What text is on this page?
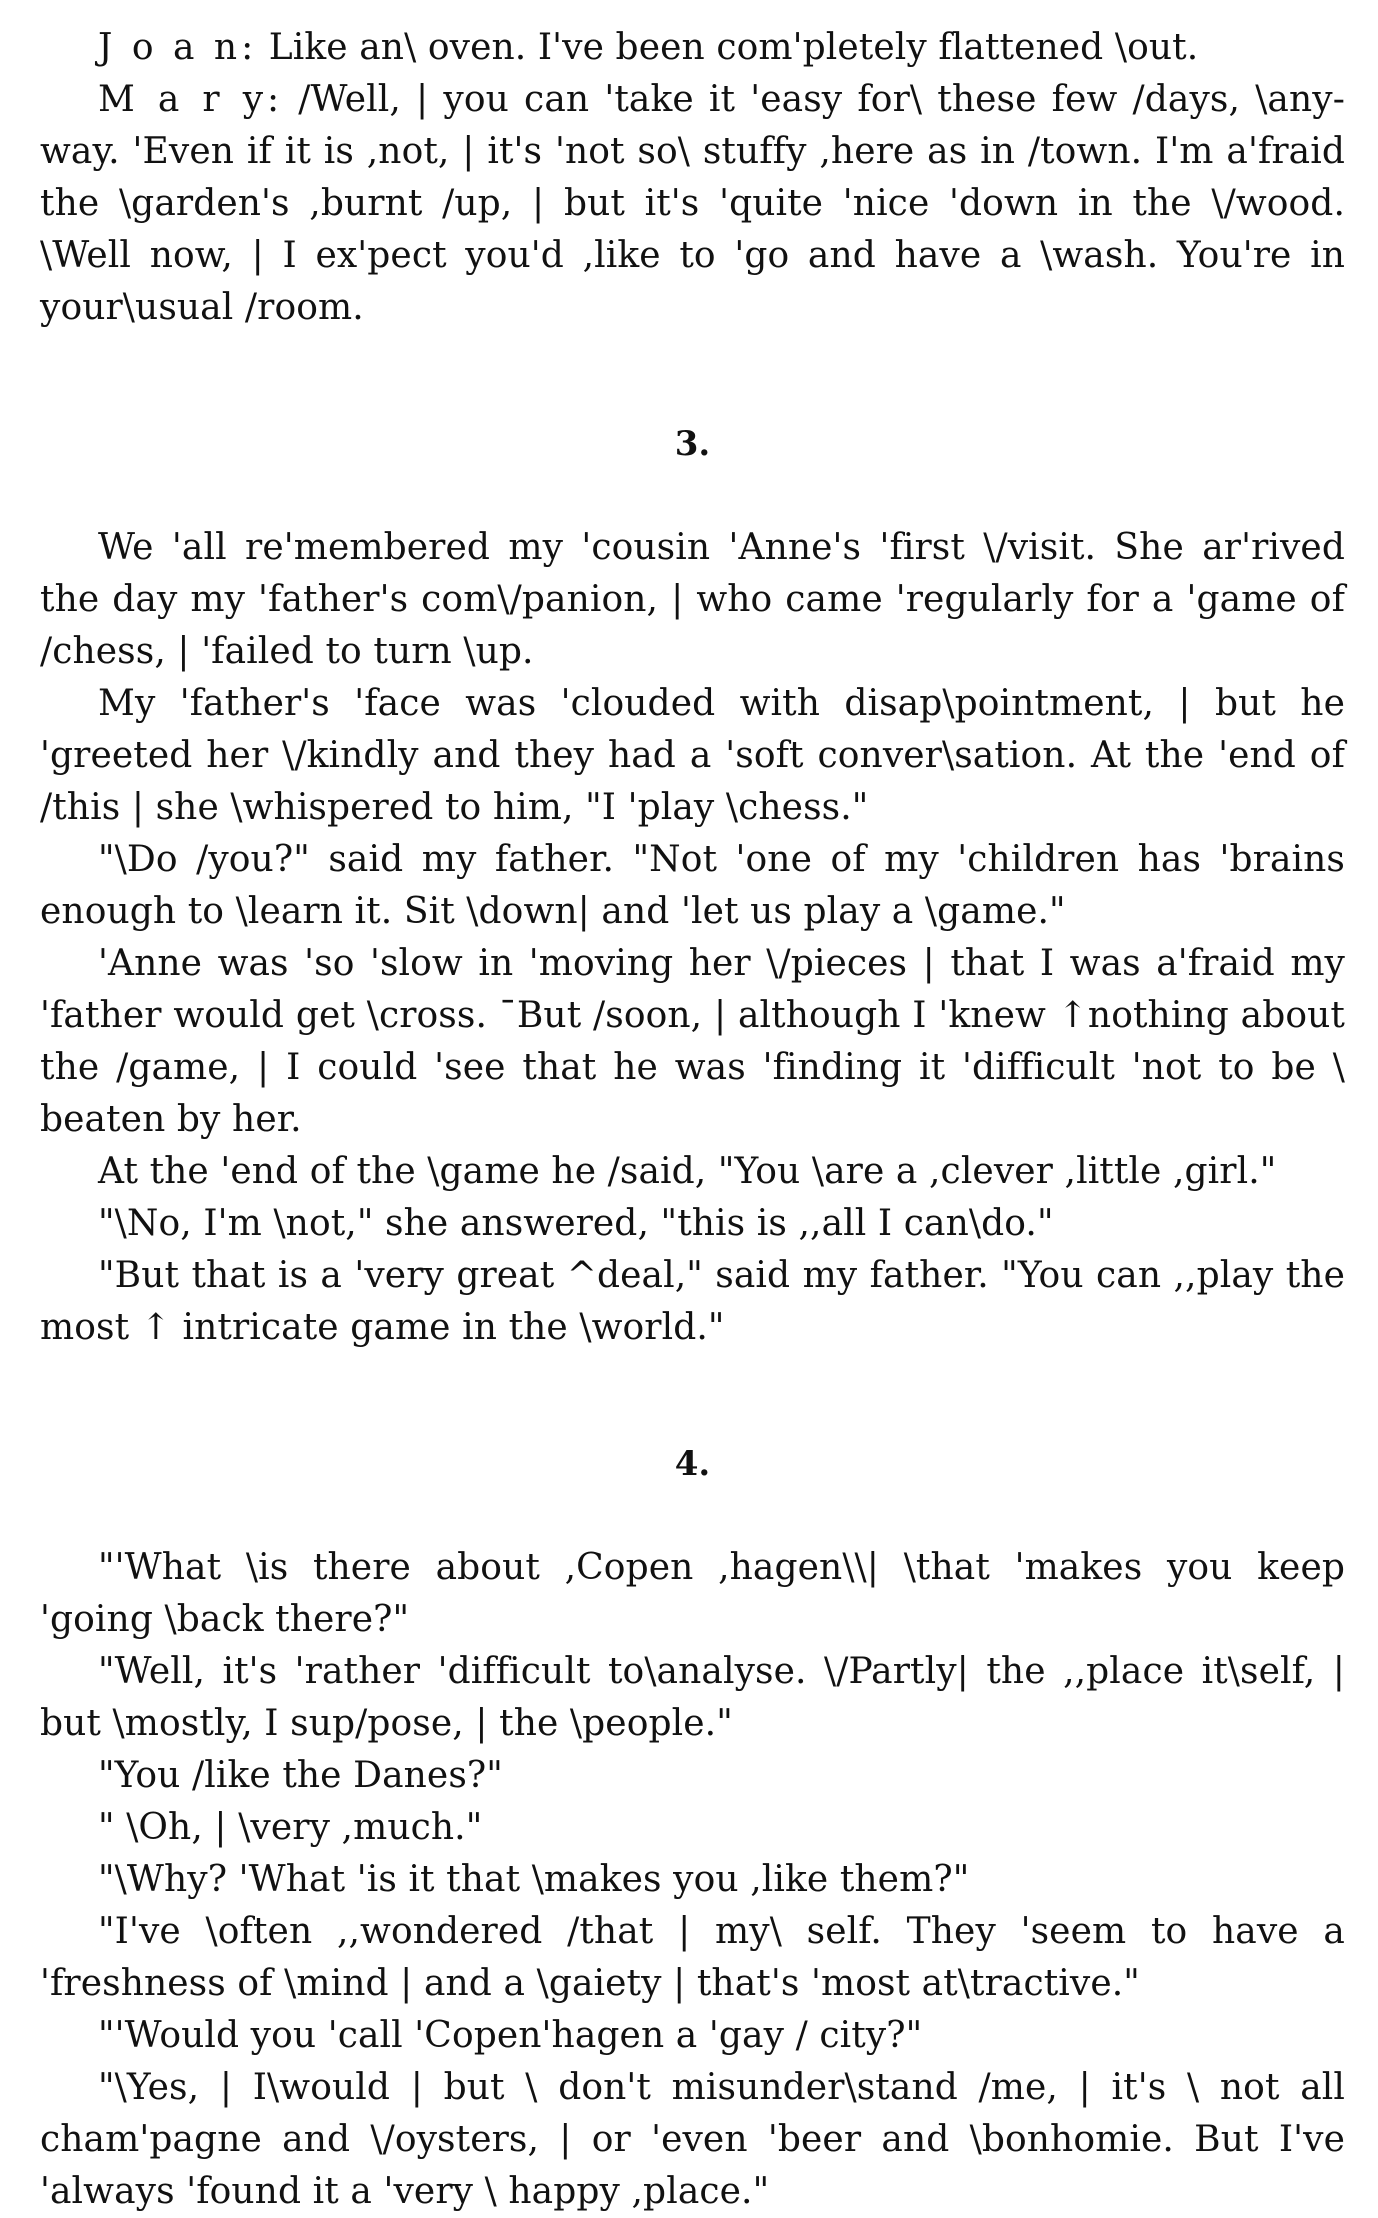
J o a n: Like an\ oven. I've been com'pletely flattened \out.

M a r y: /Well, | you can 'take it 'easy for\ these few /days, \any-way. 'Even if it is ,not, | it's 'not so\ stuffy ,here as in /town. I'm a'fraid the \garden's ,burnt /up, | but it's 'quite 'nice 'down in the \/wood. \Well now, | I ex'pect you'd ,like to 'go and have a \wash. You're in your\usual /room.

3.

We 'all re'membered my 'cousin 'Anne's 'first \/visit. She ar'rived the day my 'father's com\/panion, | who came 'regularly for a 'game of /chess, | 'failed to turn \up.

My 'father's 'face was 'clouded with disap\pointment, | but he 'greeted her \/kindly and they had a 'soft conver\sation. At the 'end of /this | she \whispered to him, "I 'play \chess."

"\Do /you?" said my father. "Not 'one of my 'children has 'brains enough to \learn it. Sit \down| and 'let us play a \game."

'Anne was 'so 'slow in 'moving her \/pieces | that I was a'fraid my 'father would get \cross. ¯But /soon, | although I 'knew ↑nothing about the /game, | I could 'see that he was 'finding it 'difficult 'not to be \ beaten by her.

At the 'end of the \game he /said, "You \are a ,clever ,little ,girl."

"\No, I'm \not," she answered, "this is ,,all I can\do."

"But that is a 'very great ^deal," said my father. "You can ,,play the most ↑ intricate game in the \world."

4.

"'What \is there about ,Copen ,hagen\\| \that 'makes you keep 'going \back there?"

"Well, it's 'rather 'difficult to\analyse. \/Partly| the ,,place it\self, | but \mostly, I sup/pose, | the \people."

"You /like the Danes?"

" \Oh, | \very ,much."

"\Why? 'What 'is it that \makes you ,like them?"

"I've \often ,,wondered /that | my\ self. They 'seem to have a 'freshness of \mind | and a \gaiety | that's 'most at\tractive."

"'Would you 'call 'Copen'hagen a 'gay / city?"

"\Yes, | I\would | but \ don't misunder\stand /me, | it's \ not all cham'pagne and \/oysters, | or 'even 'beer and \bonhomie. But I've 'always 'found it a 'very \ happy ,place."
